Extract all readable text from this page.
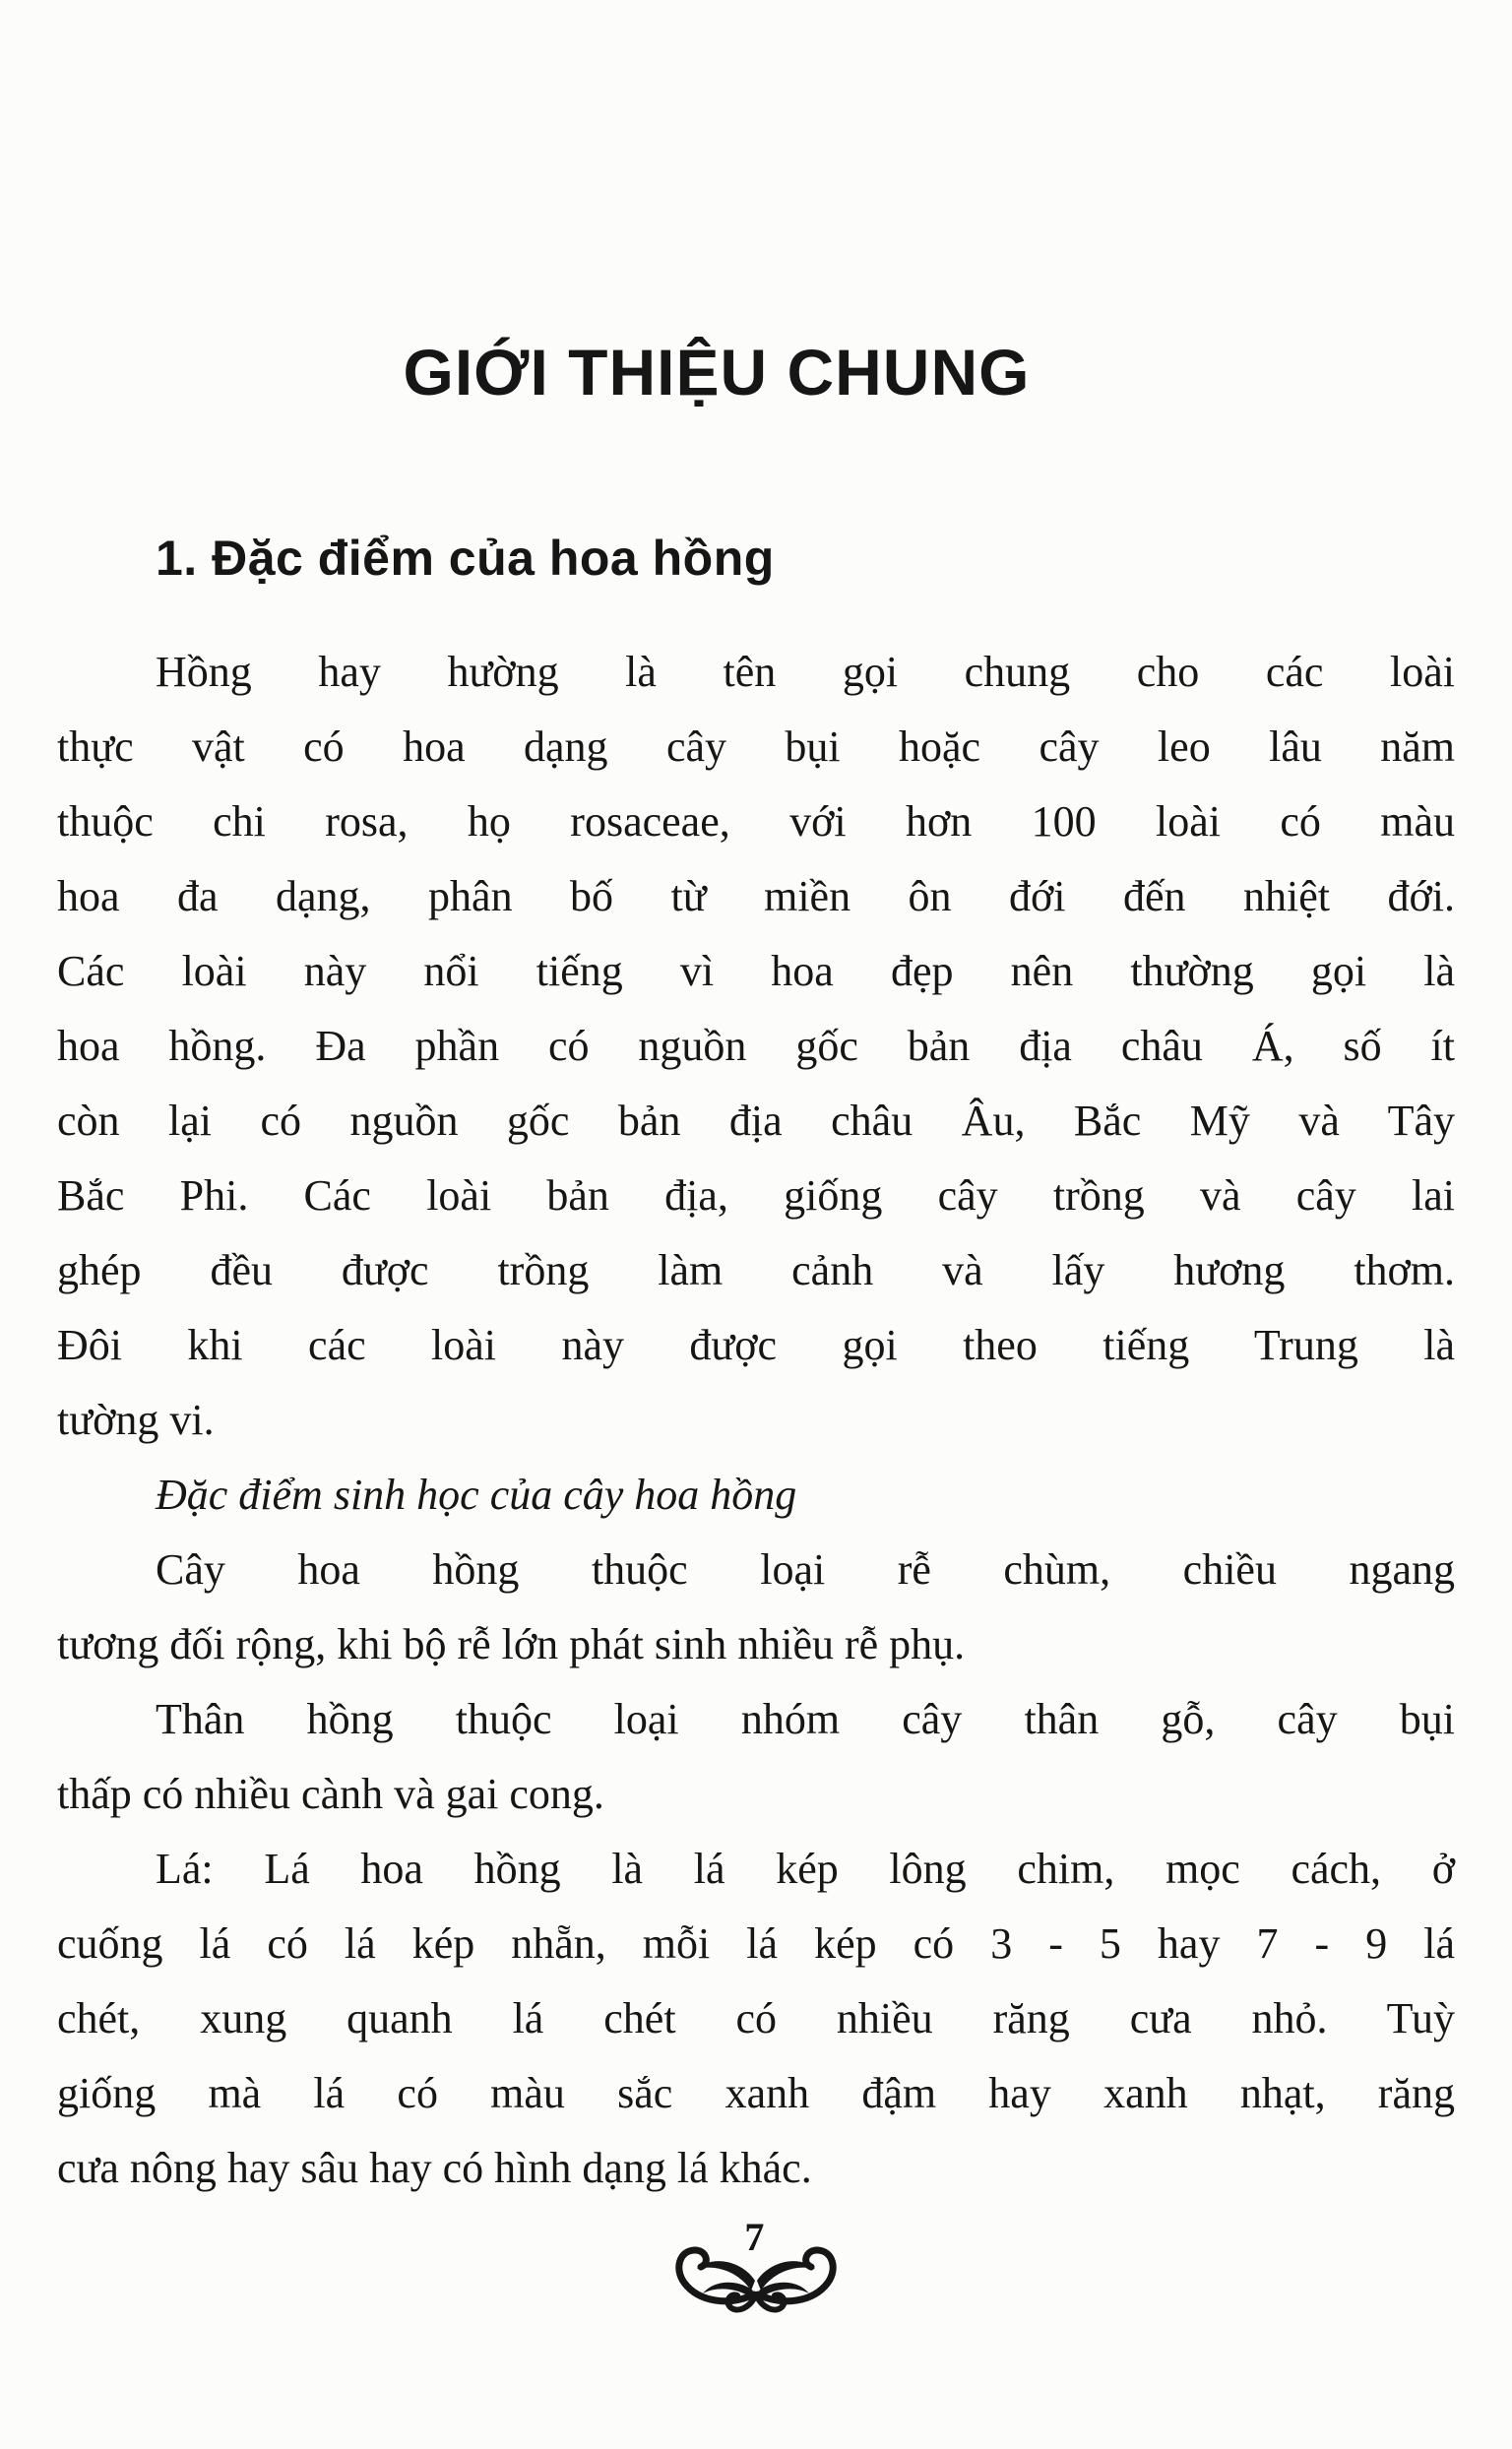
GIỚI THIỆU CHUNG
1. Đặc điểm của hoa hồng
Hồng hay hường là tên gọi chung cho các loài
thực vật có hoa dạng cây bụi hoặc cây leo lâu năm
thuộc chi rosa, họ rosaceae, với hơn 100 loài có màu
hoa đa dạng, phân bố từ miền ôn đới đến nhiệt đới.
Các loài này nổi tiếng vì hoa đẹp nên thường gọi là
hoa hồng. Đa phần có nguồn gốc bản địa châu Á, số ít
còn lại có nguồn gốc bản địa châu Âu, Bắc Mỹ và Tây
Bắc Phi. Các loài bản địa, giống cây trồng và cây lai
ghép đều được trồng làm cảnh và lấy hương thơm.
Đôi khi các loài này được gọi theo tiếng Trung là
tường vi.
Đặc điểm sinh học của cây hoa hồng
Cây hoa hồng thuộc loại rễ chùm, chiều ngang
tương đối rộng, khi bộ rễ lớn phát sinh nhiều rễ phụ.
Thân hồng thuộc loại nhóm cây thân gỗ, cây bụi
thấp có nhiều cành và gai cong.
Lá: Lá hoa hồng là lá kép lông chim, mọc cách, ở
cuống lá có lá kép nhẵn, mỗi lá kép có 3 - 5 hay 7 - 9 lá
chét, xung quanh lá chét có nhiều răng cưa nhỏ. Tuỳ
giống mà lá có màu sắc xanh đậm hay xanh nhạt, răng
cưa nông hay sâu hay có hình dạng lá khác.
7
